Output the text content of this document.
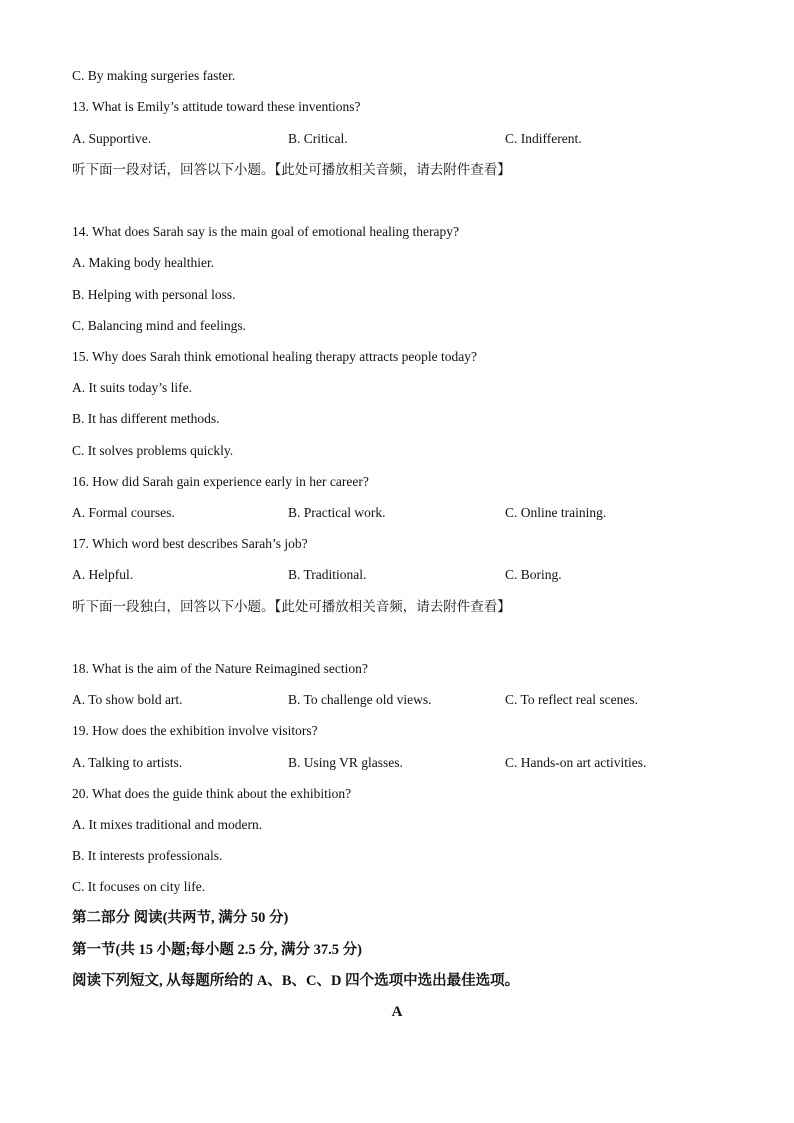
C. By making surgeries faster.
13. What is Emily’s attitude toward these inventions?
A. Supportive.	B. Critical.	C. Indifferent.
听下面一段对话，回答以下小题。【此处可播放相关音频，请去附件查看】
14. What does Sarah say is the main goal of emotional healing therapy?
A. Making body healthier.
B. Helping with personal loss.
C. Balancing mind and feelings.
15. Why does Sarah think emotional healing therapy attracts people today?
A. It suits today’s life.
B. It has different methods.
C. It solves problems quickly.
16. How did Sarah gain experience early in her career?
A. Formal courses.	B. Practical work.	C. Online training.
17. Which word best describes Sarah’s job?
A. Helpful.	B. Traditional.	C. Boring.
听下面一段独白，回答以下小题。【此处可播放相关音频，请去附件查看】
18. What is the aim of the Nature Reimagined section?
A. To show bold art.	B. To challenge old views.	C. To reflect real scenes.
19. How does the exhibition involve visitors?
A. Talking to artists.	B. Using VR glasses.	C. Hands-on art activities.
20. What does the guide think about the exhibition?
A. It mixes traditional and modern.
B. It interests professionals.
C. It focuses on city life.
第二部分 阅读(共两节, 满分 50 分)
第一节(共 15 小题;每小题 2.5 分, 满分 37.5 分)
阅读下列短文, 从每题所给的 A、B、C、D 四个选项中选出最佳选项。
A
